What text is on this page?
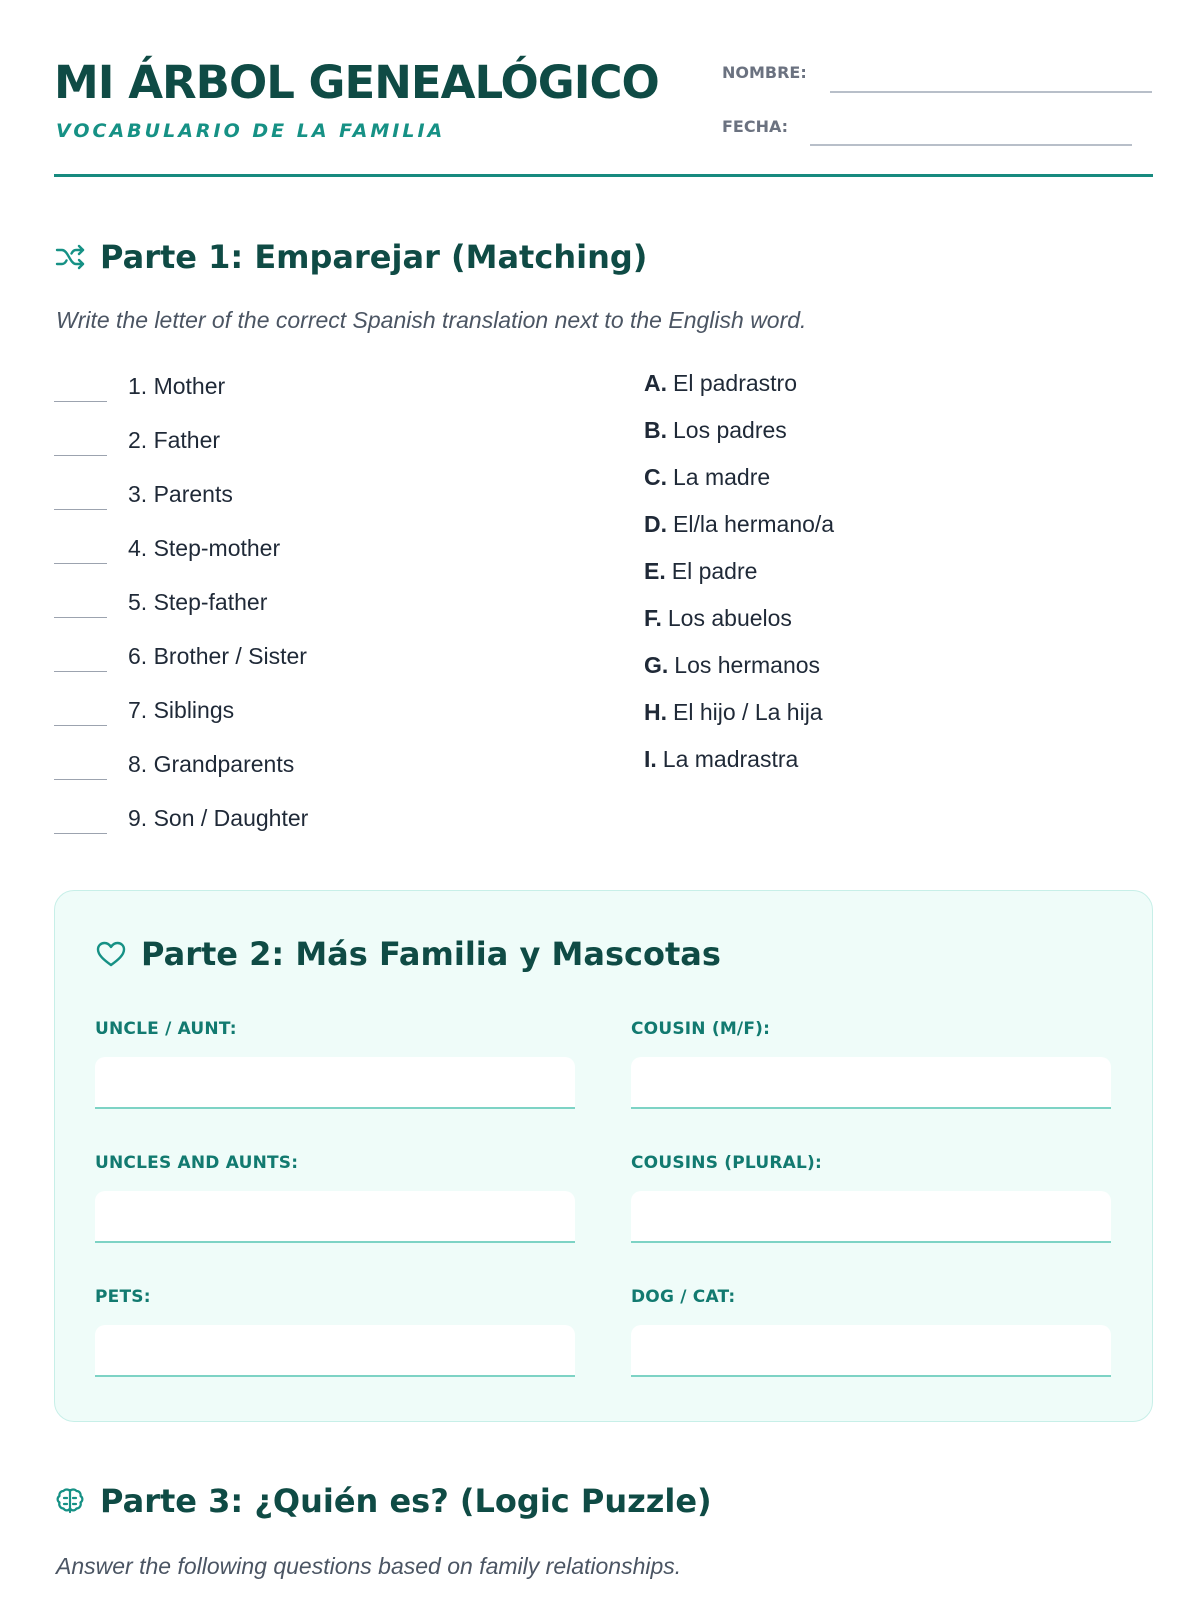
MI ÁRBOL GENEALÓGICO
VOCABULARIO DE LA FAMILIA
NOMBRE:
FECHA:
Parte 1: Emparejar (Matching)
Write the letter of the correct Spanish translation next to the English word.
1. Mother
2. Father
3. Parents
4. Step-mother
5. Step-father
6. Brother / Sister
7. Siblings
8. Grandparents
9. Son / Daughter
A. El padrastro
B. Los padres
C. La madre
D. El/la hermano/a
E. El padre
F. Los abuelos
G. Los hermanos
H. El hijo / La hija
I. La madrastra
Parte 2: Más Familia y Mascotas
UNCLE / AUNT:	COUSIN (M/F):
UNCLES AND AUNTS:	COUSINS (PLURAL):
PETS:	DOG / CAT:
Parte 3: ¿Quién es? (Logic Puzzle)
Answer the following questions based on family relationships.
